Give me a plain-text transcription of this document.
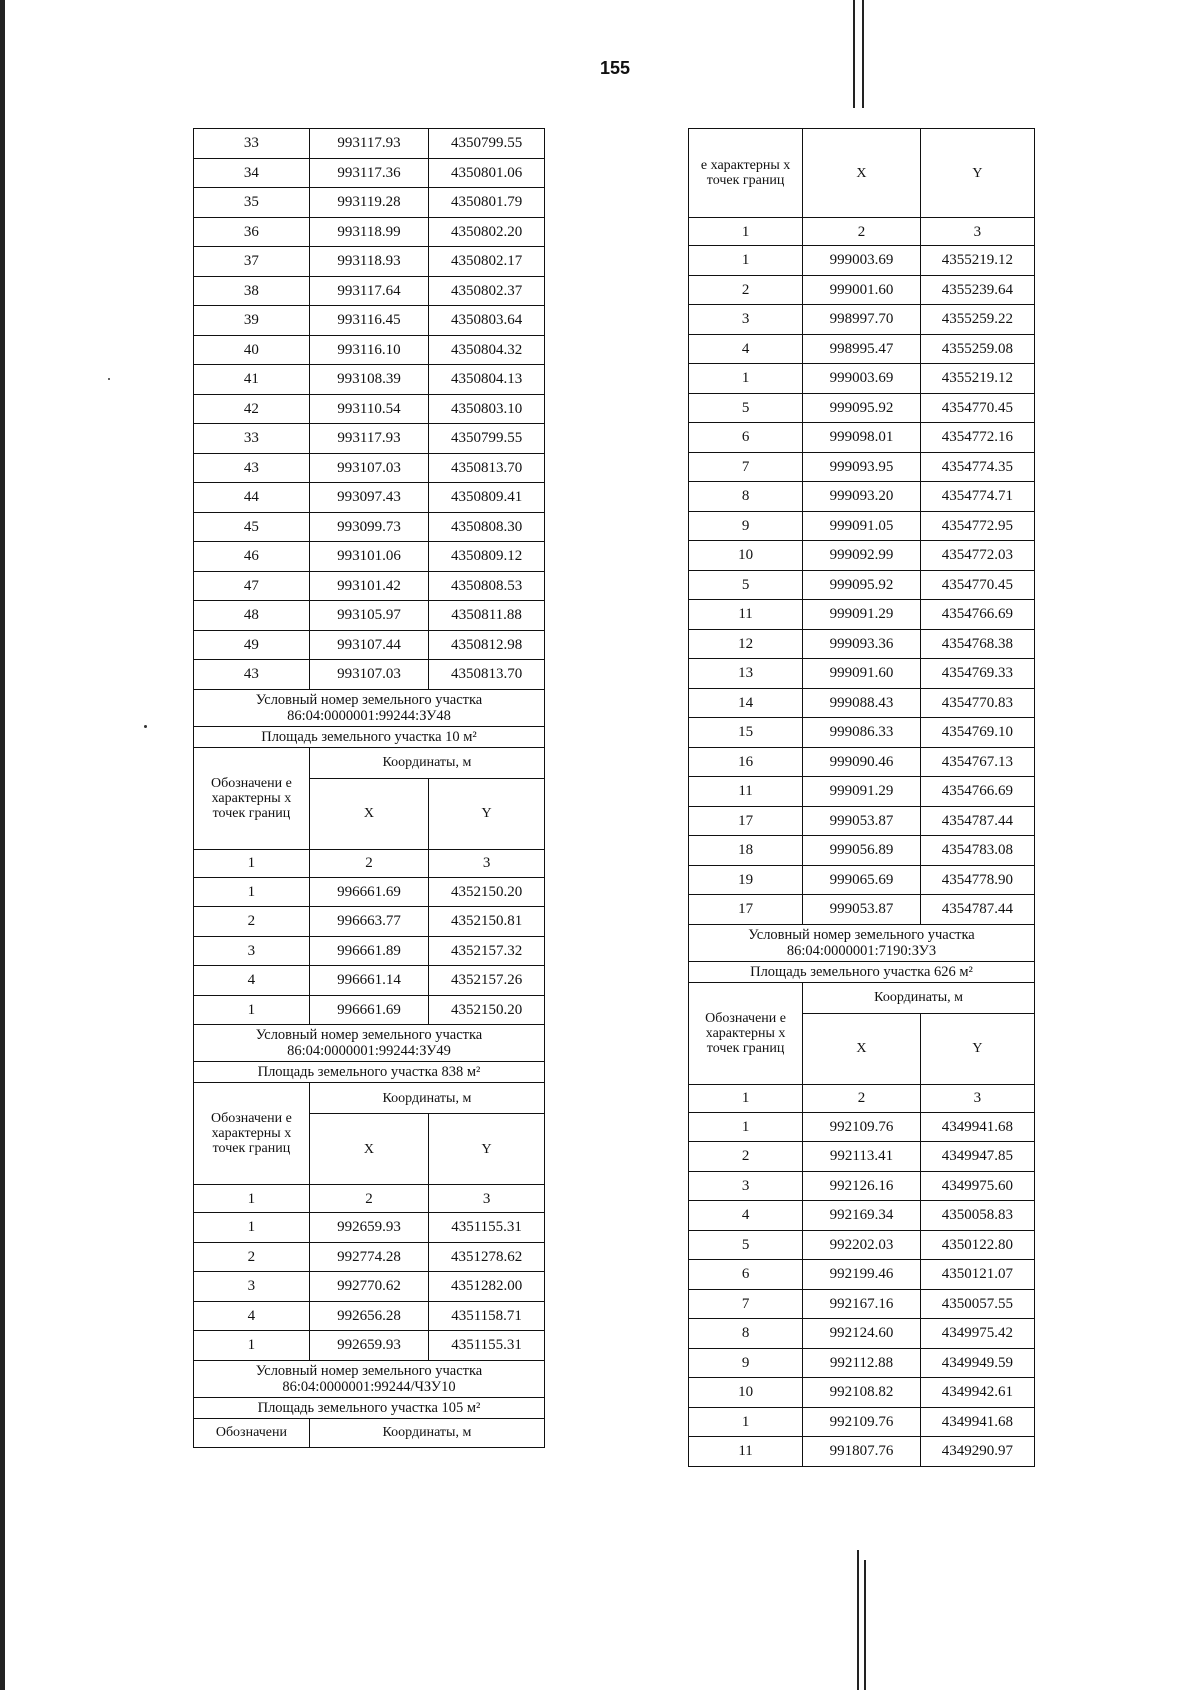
155
33	993117.93	4350799.55
34	993117.36	4350801.06
35	993119.28	4350801.79
36	993118.99	4350802.20
37	993118.93	4350802.17
38	993117.64	4350802.37
39	993116.45	4350803.64
40	993116.10	4350804.32
41	993108.39	4350804.13
42	993110.54	4350803.10
33	993117.93	4350799.55
43	993107.03	4350813.70
44	993097.43	4350809.41
45	993099.73	4350808.30
46	993101.06	4350809.12
47	993101.42	4350808.53
48	993105.97	4350811.88
49	993107.44	4350812.98
43	993107.03	4350813.70
Условный номер земельного участка 86:04:0000001:99244:ЗУ48		
Площадь земельного участка 10 м²		
Обозначени е характерны х точек границ	Координаты, м	
	X	Y
1	2	3
1	996661.69	4352150.20
2	996663.77	4352150.81
3	996661.89	4352157.32
4	996661.14	4352157.26
1	996661.69	4352150.20
Условный номер земельного участка 86:04:0000001:99244:ЗУ49		
Площадь земельного участка 838 м²		
Обозначени е характерны х точек границ	Координаты, м	
	X	Y
1	2	3
1	992659.93	4351155.31
2	992774.28	4351278.62
3	992770.62	4351282.00
4	992656.28	4351158.71
1	992659.93	4351155.31
Условный номер земельного участка 86:04:0000001:99244/ЧЗУ10		
Площадь земельного участка 105 м²		
Обозначени	Координаты, м	
е характерны х точек границ	X	Y
1	2	3
1	999003.69	4355219.12
2	999001.60	4355239.64
3	998997.70	4355259.22
4	998995.47	4355259.08
1	999003.69	4355219.12
5	999095.92	4354770.45
6	999098.01	4354772.16
7	999093.95	4354774.35
8	999093.20	4354774.71
9	999091.05	4354772.95
10	999092.99	4354772.03
5	999095.92	4354770.45
11	999091.29	4354766.69
12	999093.36	4354768.38
13	999091.60	4354769.33
14	999088.43	4354770.83
15	999086.33	4354769.10
16	999090.46	4354767.13
11	999091.29	4354766.69
17	999053.87	4354787.44
18	999056.89	4354783.08
19	999065.69	4354778.90
17	999053.87	4354787.44
Условный номер земельного участка 86:04:0000001:7190:ЗУ3		
Площадь земельного участка 626 м²		
Обозначени е характерны х точек границ	Координаты, м	
	X	Y
1	2	3
1	992109.76	4349941.68
2	992113.41	4349947.85
3	992126.16	4349975.60
4	992169.34	4350058.83
5	992202.03	4350122.80
6	992199.46	4350121.07
7	992167.16	4350057.55
8	992124.60	4349975.42
9	992112.88	4349949.59
10	992108.82	4349942.61
1	992109.76	4349941.68
11	991807.76	4349290.97
